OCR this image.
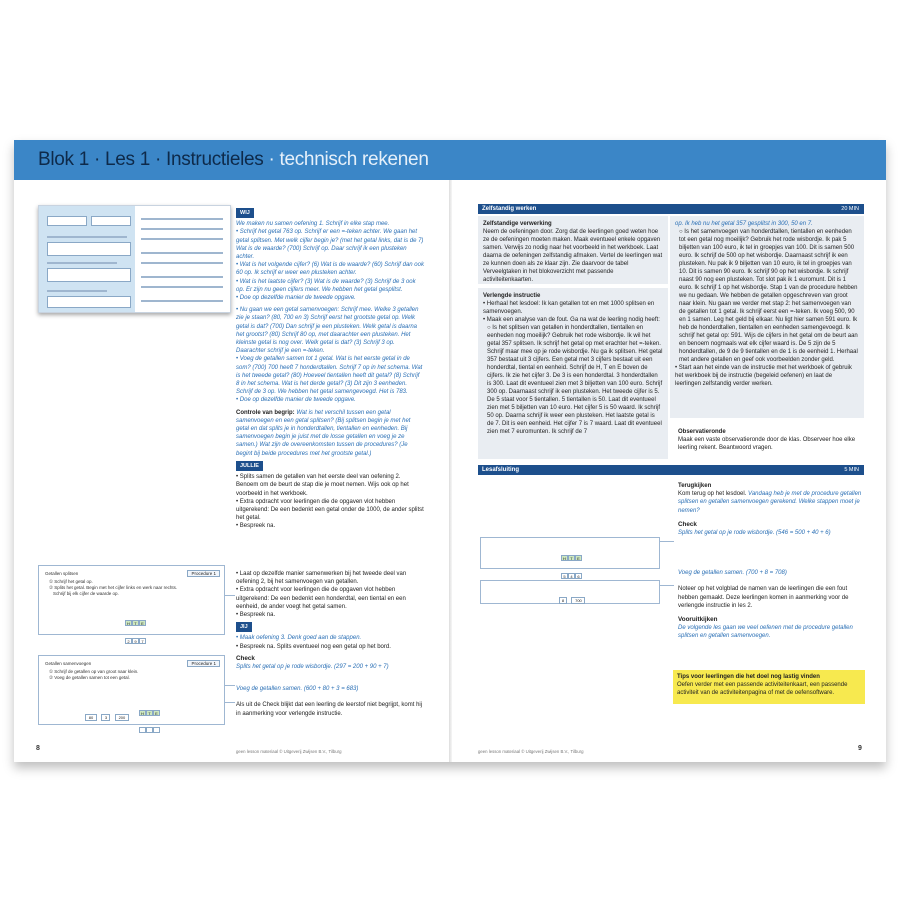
Blok 1 · Les 1 · Instructieles · technisch rekenen
WIJ
We maken nu samen oefening 1. Schrijf in elke stap mee.
• Schrijf het getal 763 op. Schrijf er een =-teken achter. We gaan het getal splitsen. Met welk cijfer begin je? (met het getal links, dat is de 7) Wat is de waarde? (700) Schrijf op. Daar schrijf ik een plusteken achter.
• Wat is het volgende cijfer? (6) Wat is de waarde? (60) Schrijf dan ook 60 op. Ik schrijf er weer een plusteken achter.
• Wat is het laatste cijfer? (3) Wat is de waarde? (3) Schrijf de 3 ook op. Er zijn nu geen cijfers meer. We hebben het getal gesplitst.
• Doe op dezelfde manier de tweede opgave.
• Nu gaan we een getal samenvoegen: Schrijf mee. Welke 3 getallen zie je staan? (80, 700 en 3) Schrijf eerst het grootste getal op. Welk getal is dat? (700) Dan schrijf je een plusteken. Welk getal is daarna het grootst? (80) Schrijf 80 op, met daarachter een plusteken. Het kleinste getal is nog over. Welk getal is dat? (3) Schrijf 3 op. Daarachter schrijf je een =-teken.
• Voeg de getallen samen tot 1 getal. Wat is het eerste getal in de som? (700) 700 heeft 7 honderdtallen. Schrijf 7 op in het schema. Wat is het tweede getal? (80) Hoeveel tientallen heeft dit getal? (8) Schrijf 8 in het schema. Wat is het derde getal? (3) Dit zijn 3 eenheden. Schrijf de 3 op. We hebben het getal samengevoegd. Het is 783.
• Doe op dezelfde manier de tweede opgave.
Controle van begrip: Wat is het verschil tussen een getal samenvoegen en een getal splitsen? (Bij splitsen begin je met het getal en dat splits je in honderdtallen, tientallen en eenheden. Bij samenvoegen begin je juist met de losse getallen en voeg je ze samen.) Wat zijn de overeenkomsten tussen de procedures? (Je begint bij beide procedures met het grootste getal.)
JULLIE
• Splits samen de getallen van het eerste deel van oefening 2. Benoem om de beurt de stap die je moet nemen. Wijs ook op het voorbeeld in het werkboek.
• Extra opdracht voor leerlingen die de opgaven vlot hebben uitgerekend: De een bedenkt een getal onder de 1000, de ander splitst het getal.
• Bespreek na.
• Laat op dezelfde manier samenwerken bij het tweede deel van oefening 2, bij het samenvoegen van getallen.
• Extra opdracht voor leerlingen die de opgaven vlot hebben uitgerekend: De een bedenkt een honderdtal, een tiental en een eenheid, de ander voegt het getal samen.
• Bespreek na.
JIJ
• Maak oefening 3. Denk goed aan de stappen.
• Bespreek na. Splits eventueel nog een getal op het bord.
Check
Splits het getal op je rode wisbordje. (297 = 200 + 90 + 7)
Voeg de getallen samen. (600 + 80 + 3 = 683)
Als uit de Check blijkt dat een leerling de leerstof niet begrijpt, komt hij in aanmerking voor verlengde instructie.
Getallen splitsen	Procedure 1
① Schrijf het getal op.
② Splits het getal. Begin met het cijfer links en werk naar rechts.
Schrijf bij elk cijfer de waarde op.
H T E
2 9 7
Getallen samenvoegen	Procedure 1
① Schrijf de getallen op van groot naar klein.
② Voeg de getallen samen tot een getal.
80	3	200
H T E

8	geen lesson materiaal © Uitgeverij Zwijsen B.V., Tilburg
Zelfstandig werken	20 MIN
Zelfstandige verwerking
Neem de oefeningen door. Zorg dat de leerlingen goed weten hoe ze de oefeningen moeten maken. Maak eventueel enkele opgaven samen. Verwijs zo nodig naar het voorbeeld in het werkboek. Laat daarna de oefeningen zelfstandig afmaken. Vertel de leerlingen wat ze kunnen doen als ze klaar zijn. Zie daarvoor de tabel Verveelgtaken in het blokoverzicht met passende activiteitenkaarten.
Verlengde instructie
• Herhaal het lesdoel: Ik kan getallen tot en met 1000 splitsen en samenvoegen.
• Maak een analyse van de fout. Ga na wat de leerling nodig heeft:
○ Is het splitsen van getallen in honderdtallen, tientallen en eenheden nog moeilijk? Gebruik het rode wisbordje. Ik wil het getal 357 splitsen. Ik schrijf het getal op met erachter het =-teken. Schrijf maar mee op je rode wisbordje. Nu ga ik splitsen. Het getal 357 bestaat uit 3 cijfers. Een getal met 3 cijfers bestaat uit een honderdtal, tiental en eenheid. Schrijf de H, T en E boven de cijfers. Ik zie het cijfer 3. De 3 is een honderdtal. 3 honderdtallen is 300. Laat dit eventueel zien met 3 biljetten van 100 euro. Schrijf 300 op. Daarnaast schrijf ik een plusteken. Het tweede cijfer is 5. De 5 staat voor 5 tientallen. 5 tientallen is 50. Laat dit eventueel zien met 5 biljetten van 10 euro. Het cijfer 5 is 50 waard. Ik schrijf 50 op. Daarna schrijf ik weer een plusteken. Het laatste getal is de 7. Dit is een eenheid. Het cijfer 7 is 7 waard. Laat dit eventueel zien met 7 euromunten. Ik schrijf de 7
op. Ik heb nu het getal 357 gesplitst in 300, 50 en 7.
○ Is het samenvoegen van honderdtallen, tientallen en eenheden tot een getal nog moeilijk? Gebruik het rode wisbordje. Ik pak 5 biljetten van 100 euro, ik tel in groepjes van 100. Dit is samen 500 euro. Ik schrijf de 500 op het wisbordje. Daarnaast schrijf ik een plusteken. Nu pak ik 9 biljetten van 10 euro, ik tel in groepjes van 10. Dit is samen 90 euro. Ik schrijf 90 op het wisbordje. Ik schrijf naast 90 nog een plusteken. Tot slot pak ik 1 euromunt. Dit is 1 euro. Ik schrijf 1 op het wisbordje. Stap 1 van de procedure hebben we nu gedaan. We hebben de getallen opgeschreven van groot naar klein. Nu gaan we verder met stap 2: het samenvoegen van de getallen tot 1 getal. Ik schrijf eerst een =-teken. Ik voeg 500, 90 en 1 samen. Leg het geld bij elkaar. Nu ligt hier samen 591 euro. Ik heb de honderdtallen, tientallen en eenheden samengevoegd. Ik schrijf het getal op: 591. Wijs de cijfers in het getal om de beurt aan en benoem nogmaals wat elk cijfer waard is. De 5 zijn de 5 honderdtallen, de 9 de 9 tientallen en de 1 is de eenheid 1. Herhaal met andere getallen en geef ook voorbeelden zonder geld.
• Start aan het einde van de instructie met het werkboek of gebruik het werkboek bij de instructie (begeleid oefenen) en laat de leerlingen zelfstandig verder werken.
Observatieronde
Maak een vaste observatieronde door de klas. Observeer hoe elke leerling rekent. Beantwoord vragen.
Lesafsluiting	5 MIN
Terugkijken
Kom terug op het lesdoel. Vandaag heb je met de procedure getallen splitsen en getallen samenvoegen gerekend. Welke stappen moet je nemen?
Check
Splits het getal op je rode wisbordje. (546 = 500 + 40 + 6)
Voeg de getallen samen. (700 + 8 = 708)
Noteer op het volgblad de namen van de leerlingen die een fout hebben gemaakt. Deze leerlingen komen in aanmerking voor de verlengde instructie in les 2.
Vooruitkijken
De volgende les gaan we veel oefenen met de procedure getallen splitsen en getallen samenvoegen.
Tips voor leerlingen die het doel nog lastig vinden
Oefen verder met een passende activiteitenkaart, een passende activiteit van de activiteitenpagina of met de oefensoftware.
H T E
5 4 6
8	700
9
geen lesson materiaal © Uitgeverij Zwijsen B.V., Tilburg
